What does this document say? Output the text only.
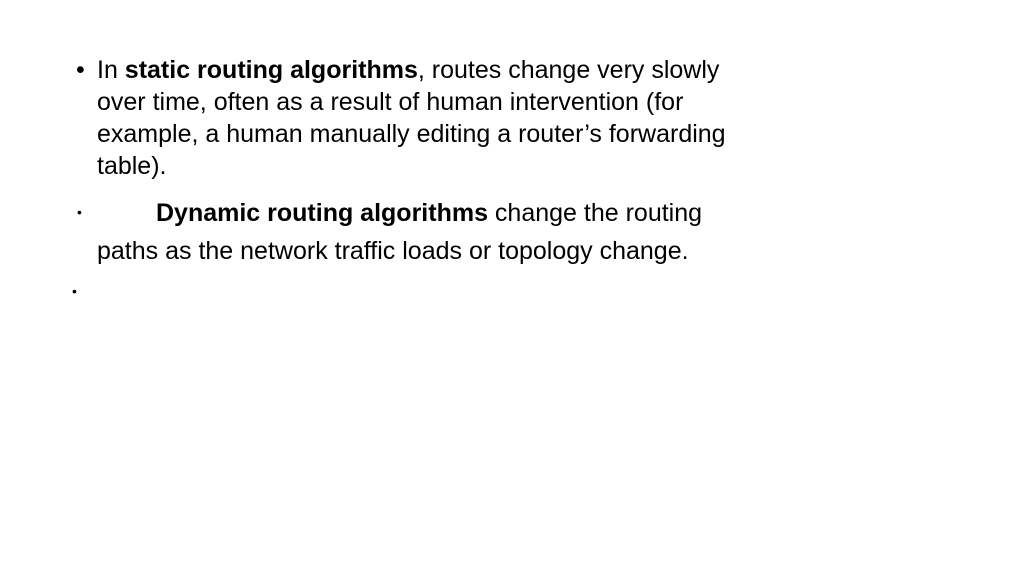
• In static routing algorithms, routes change very slowly
over time, often as a result of human intervention (for
example, a human manually editing a router’s forwarding
table).
•	Dynamic routing algorithms change the routing
paths as the network traffic loads or topology change.
•
